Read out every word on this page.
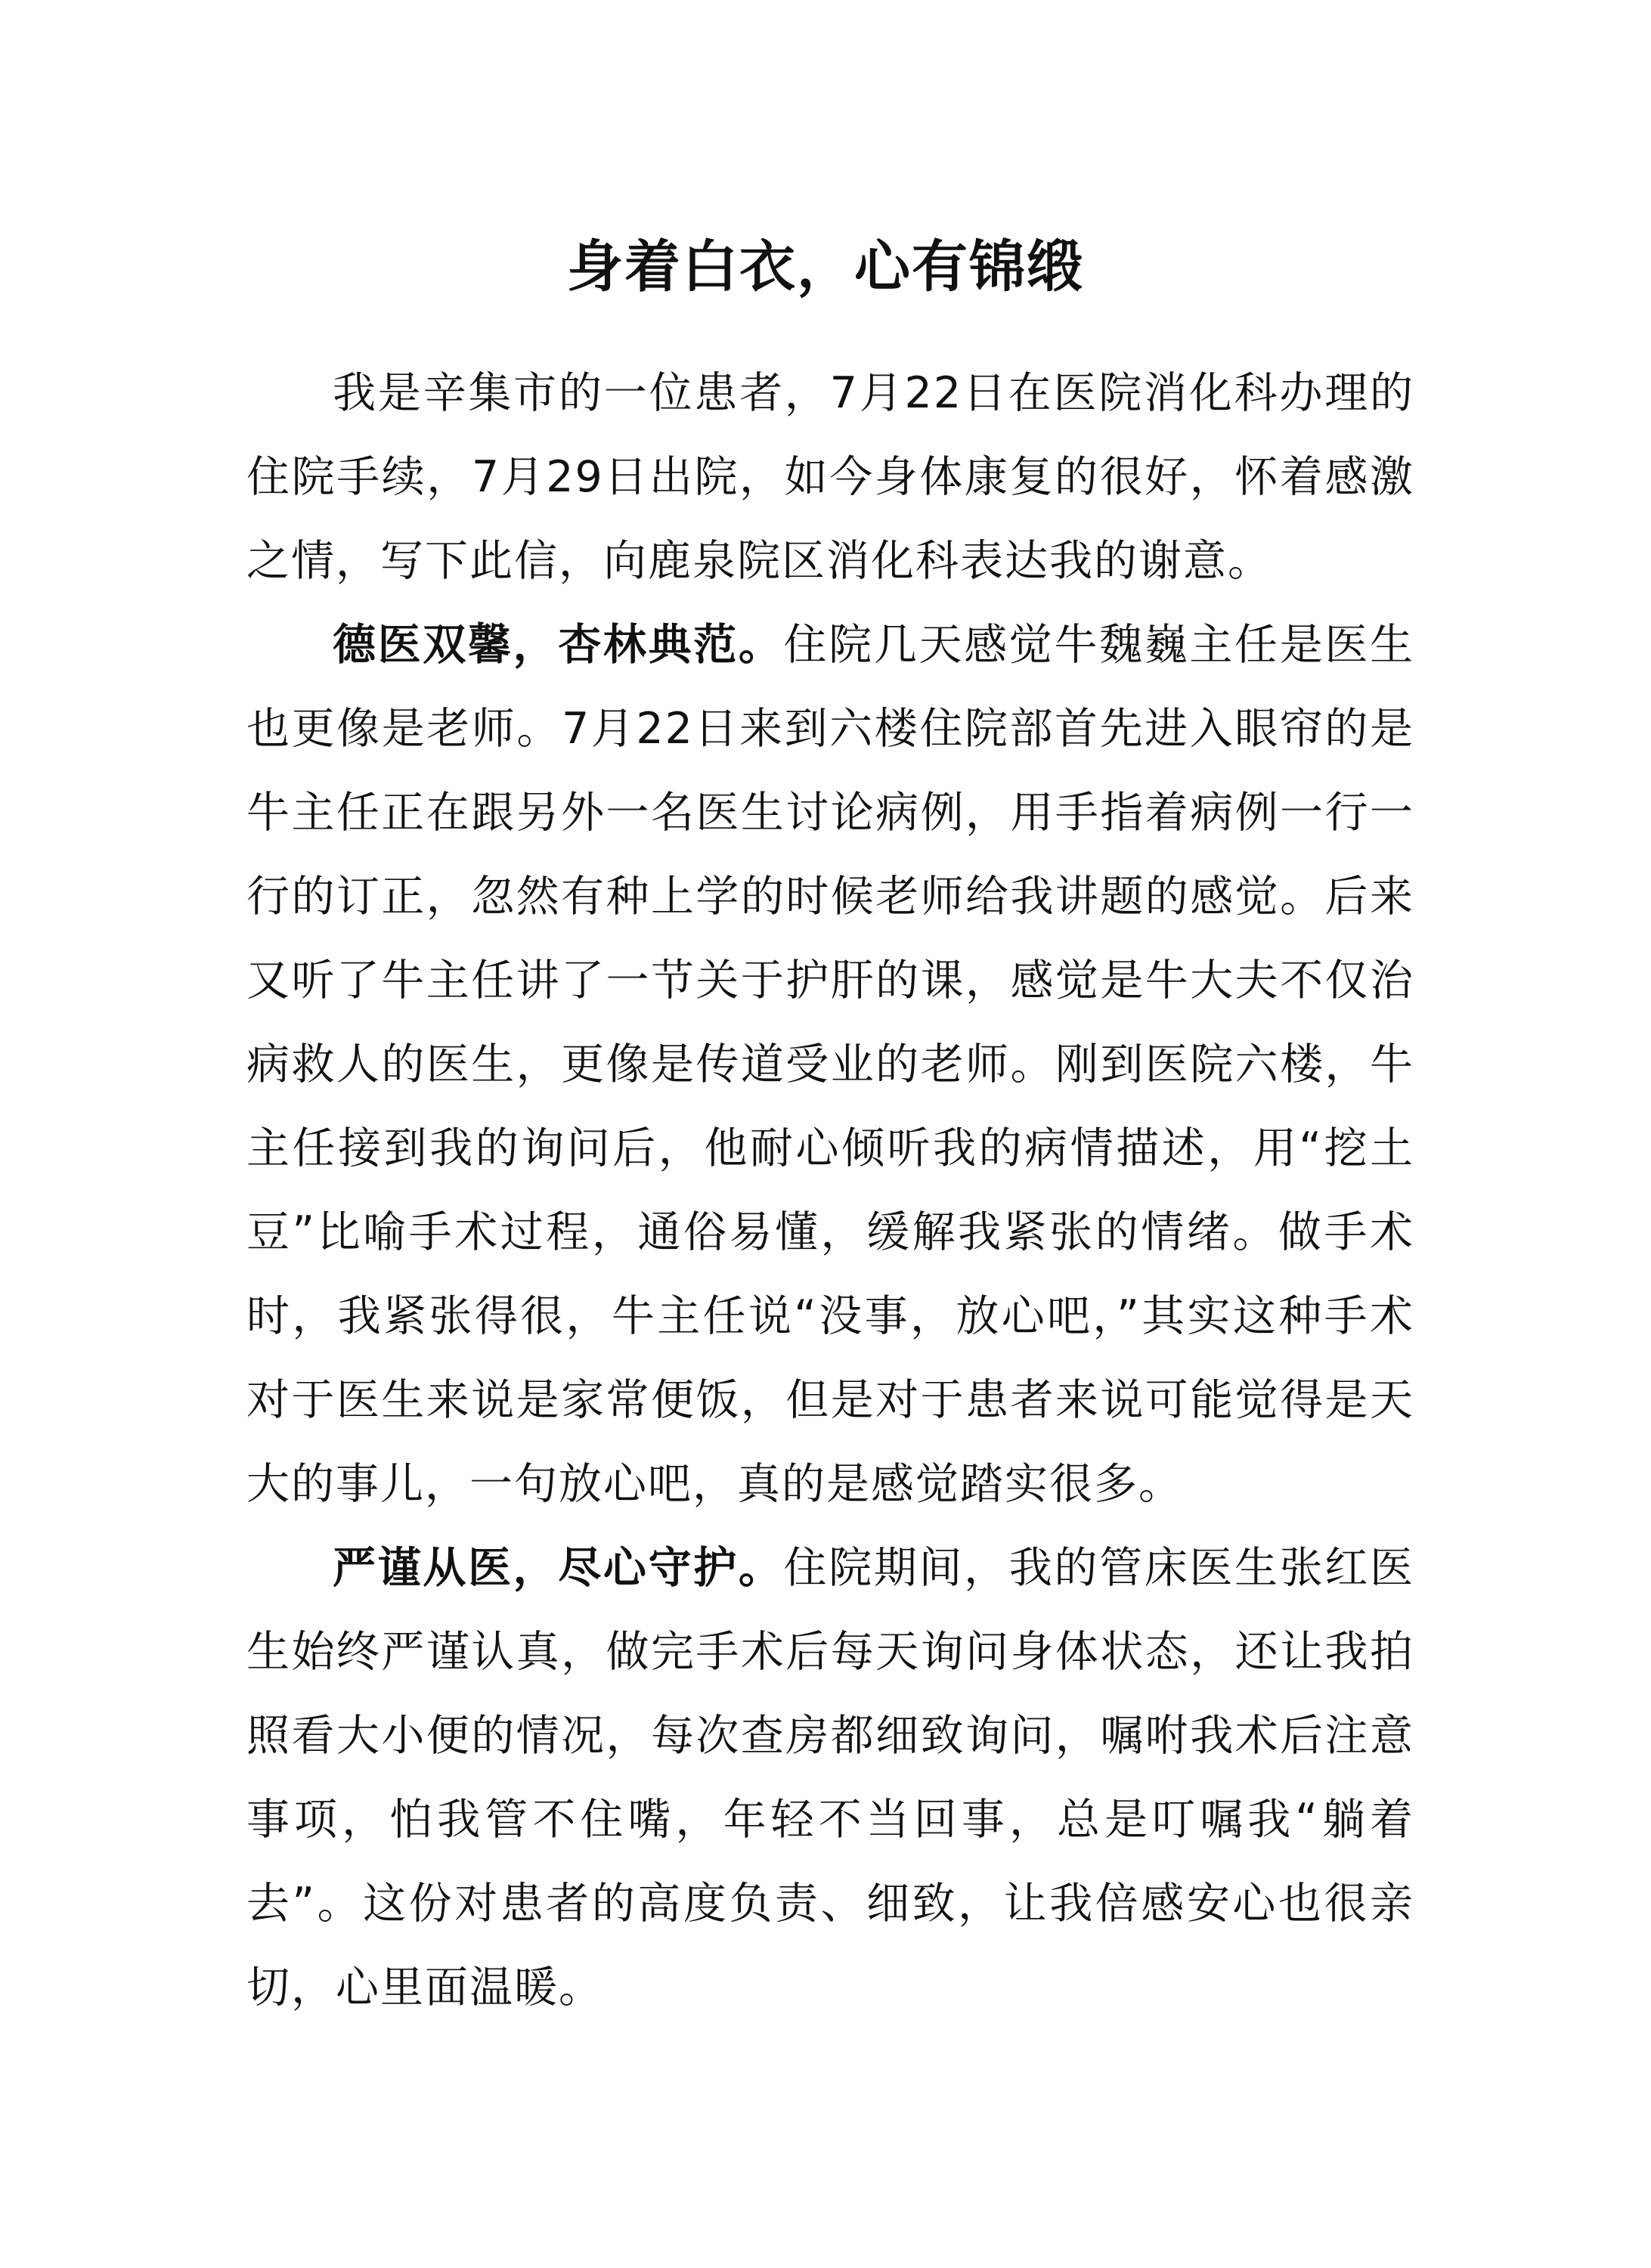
身着白衣，心有锦缎

我是辛集市的一位患者，7月22日在医院消化科办理的住院手续，7月29日出院，如今身体康复的很好，怀着感激之情，写下此信，向鹿泉院区消化科表达我的谢意。

德医双馨，杏林典范。住院几天感觉牛魏巍主任是医生也更像是老师。7月22日来到六楼住院部首先进入眼帘的是牛主任正在跟另外一名医生讨论病例，用手指着病例一行一行的订正，忽然有种上学的时候老师给我讲题的感觉。后来又听了牛主任讲了一节关于护肝的课，感觉是牛大夫不仅治病救人的医生，更像是传道受业的老师。刚到医院六楼，牛主任接到我的询问后，他耐心倾听我的病情描述，用“挖土豆”比喻手术过程，通俗易懂，缓解我紧张的情绪。做手术时，我紧张得很，牛主任说“没事，放心吧，”其实这种手术对于医生来说是家常便饭，但是对于患者来说可能觉得是天大的事儿，一句放心吧，真的是感觉踏实很多。

严谨从医，尽心守护。住院期间，我的管床医生张红医生始终严谨认真，做完手术后每天询问身体状态，还让我拍照看大小便的情况，每次查房都细致询问，嘱咐我术后注意事项，怕我管不住嘴，年轻不当回事，总是叮嘱我“躺着去”。这份对患者的高度负责、细致，让我倍感安心也很亲切，心里面温暖。
